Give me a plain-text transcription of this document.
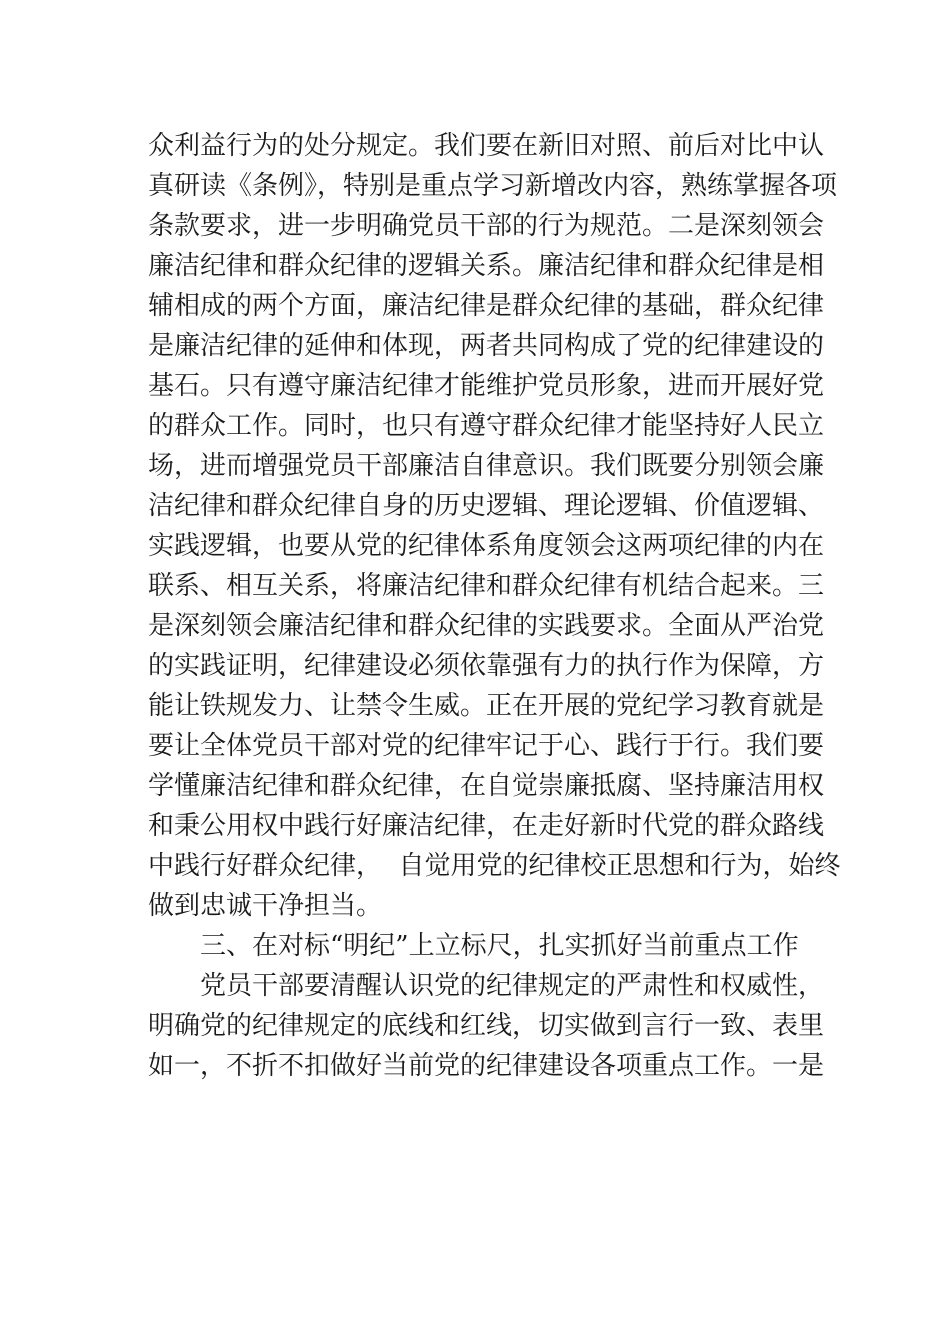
众利益行为的处分规定。我们要在新旧对照、前后对比中认
真研读《条例》，特别是重点学习新增改内容，熟练掌握各项
条款要求，进一步明确党员干部的行为规范。二是深刻领会
廉洁纪律和群众纪律的逻辑关系。廉洁纪律和群众纪律是相
辅相成的两个方面，廉洁纪律是群众纪律的基础，群众纪律
是廉洁纪律的延伸和体现，两者共同构成了党的纪律建设的
基石。只有遵守廉洁纪律才能维护党员形象，进而开展好党
的群众工作。同时，也只有遵守群众纪律才能坚持好人民立
场，进而增强党员干部廉洁自律意识。我们既要分别领会廉
洁纪律和群众纪律自身的历史逻辑、理论逻辑、价值逻辑、
实践逻辑，也要从党的纪律体系角度领会这两项纪律的内在
联系、相互关系，将廉洁纪律和群众纪律有机结合起来。三
是深刻领会廉洁纪律和群众纪律的实践要求。全面从严治党
的实践证明，纪律建设必须依靠强有力的执行作为保障，方
能让铁规发力、让禁令生威。正在开展的党纪学习教育就是
要让全体党员干部对党的纪律牢记于心、践行于行。我们要
学懂廉洁纪律和群众纪律，在自觉崇廉抵腐、坚持廉洁用权
和秉公用权中践行好廉洁纪律，在走好新时代党的群众路线
中践行好群众纪律，  自觉用党的纪律校正思想和行为，始终
做到忠诚干净担当。
三、在对标“明纪”上立标尺，扎实抓好当前重点工作
党员干部要清醒认识党的纪律规定的严肃性和权威性，
明确党的纪律规定的底线和红线，切实做到言行一致、表里
如一，不折不扣做好当前党的纪律建设各项重点工作。一是
